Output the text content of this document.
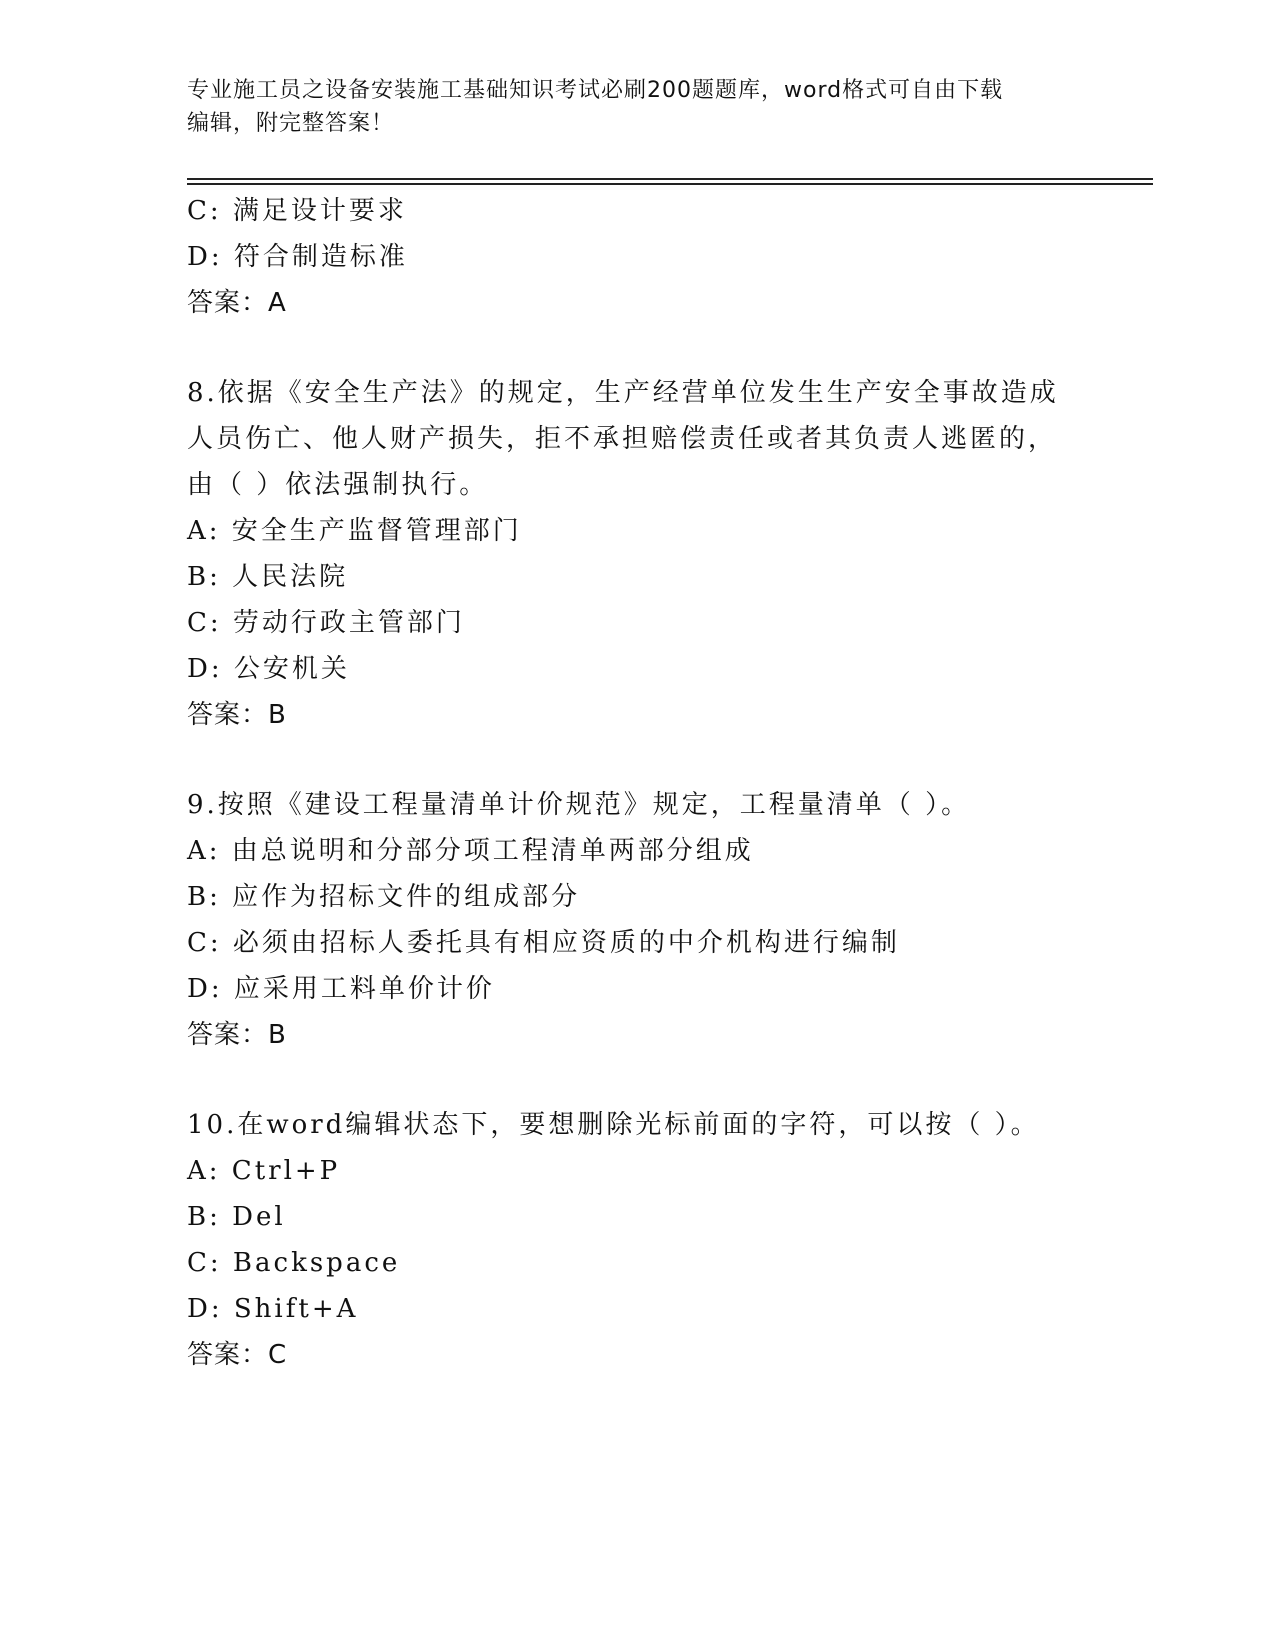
专业施工员之设备安装施工基础知识考试必刷200题题库，word格式可自由下载
编辑，附完整答案！
C: 满足设计要求
D: 符合制造标准
答案：A
8.依据《安全生产法》的规定，生产经营单位发生生产安全事故造成
人员伤亡、他人财产损失，拒不承担赔偿责任或者其负责人逃匿的，
由（ ）依法强制执行。
A: 安全生产监督管理部门
B: 人民法院
C: 劳动行政主管部门
D: 公安机关
答案：B
9.按照《建设工程量清单计价规范》规定，工程量清单（ ）。
A: 由总说明和分部分项工程清单两部分组成
B: 应作为招标文件的组成部分
C: 必须由招标人委托具有相应资质的中介机构进行编制
D: 应采用工料单价计价
答案：B
10.在word编辑状态下，要想删除光标前面的字符，可以按（ ）。
A: Ctrl+P
B: Del
C: Backspace
D: Shift+A
答案：C
